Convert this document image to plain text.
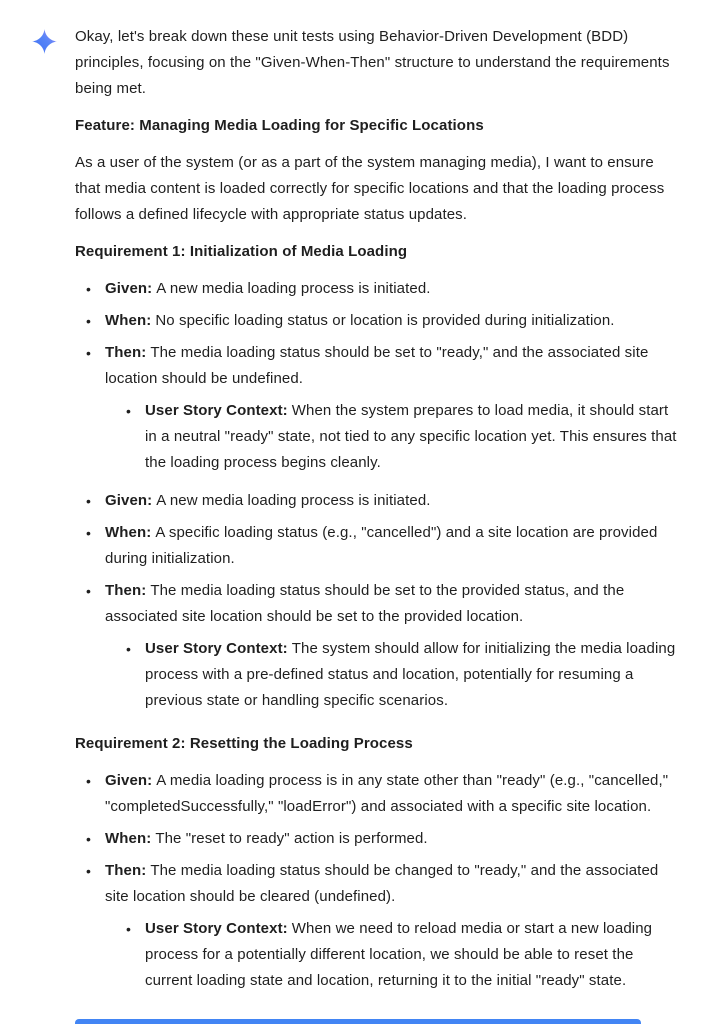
Okay, let's break down these unit tests using Behavior-Driven Development (BDD) principles, focusing on the "Given-When-Then" structure to understand the requirements being met.

Feature: Managing Media Loading for Specific Locations

As a user of the system (or as a part of the system managing media), I want to ensure that media content is loaded correctly for specific locations and that the loading process follows a defined lifecycle with appropriate status updates.

Requirement 1: Initialization of Media Loading

• Given: A new media loading process is initiated.
• When: No specific loading status or location is provided during initialization.
• Then: The media loading status should be set to "ready," and the associated site location should be undefined.
• User Story Context: When the system prepares to load media, it should start in a neutral "ready" state, not tied to any specific location yet. This ensures that the loading process begins cleanly.
• Given: A new media loading process is initiated.
• When: A specific loading status (e.g., "cancelled") and a site location are provided during initialization.
• Then: The media loading status should be set to the provided status, and the associated site location should be set to the provided location.
• User Story Context: The system should allow for initializing the media loading process with a pre-defined status and location, potentially for resuming a previous state or handling specific scenarios.

Requirement 2: Resetting the Loading Process

• Given: A media loading process is in any state other than "ready" (e.g., "cancelled," "completedSuccessfully," "loadError") and associated with a specific site location.
• When: The "reset to ready" action is performed.
• Then: The media loading status should be changed to "ready," and the associated site location should be cleared (undefined).
• User Story Context: When we need to reload media or start a new loading process for a potentially different location, we should be able to reset the current loading state and location, returning it to the initial "ready" state.
